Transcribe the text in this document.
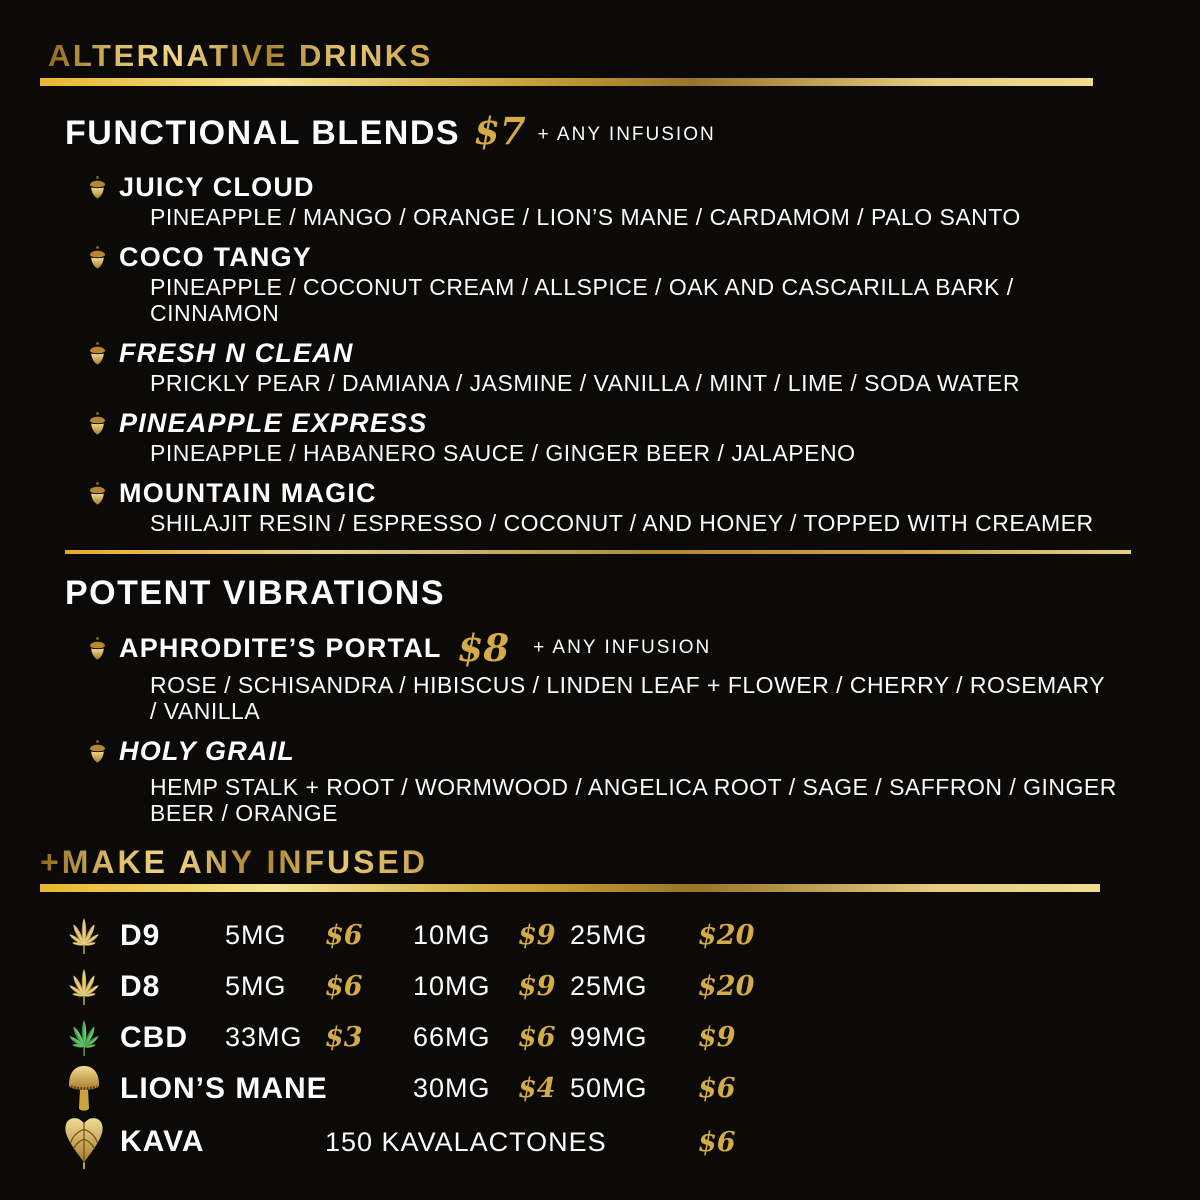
ALTERNATIVE DRINKS
FUNCTIONAL BLENDS $7 + ANY INFUSION
JUICY CLOUD
PINEAPPLE / MANGO / ORANGE / LION’S MANE / CARDAMOM / PALO SANTO
COCO TANGY
PINEAPPLE / COCONUT CREAM / ALLSPICE / OAK AND CASCARILLA BARK / CINNAMON
FRESH N CLEAN
PRICKLY PEAR / DAMIANA / JASMINE / VANILLA / MINT / LIME / SODA WATER
PINEAPPLE EXPRESS
PINEAPPLE / HABANERO SAUCE / GINGER BEER / JALAPENO
MOUNTAIN MAGIC
SHILAJIT RESIN / ESPRESSO / COCONUT / AND HONEY / TOPPED WITH CREAMER
POTENT VIBRATIONS
APHRODITE’S PORTAL $8 + ANY INFUSION
ROSE / SCHISANDRA / HIBISCUS / LINDEN LEAF + FLOWER / CHERRY / ROSEMARY / VANILLA
HOLY GRAIL
HEMP STALK + ROOT / WORMWOOD / ANGELICA ROOT / SAGE / SAFFRON / GINGER BEER / ORANGE
+MAKE ANY INFUSED
D9	5MG	$6	10MG	$9 25MG	$20
D8	5MG	$6	10MG	$9 25MG	$20
CBD	33MG $3	66MG	$6 99MG	$9
LION’S MANE	30MG	$4 50MG	$6
KAVA	150 KAVALACTONES	$6
